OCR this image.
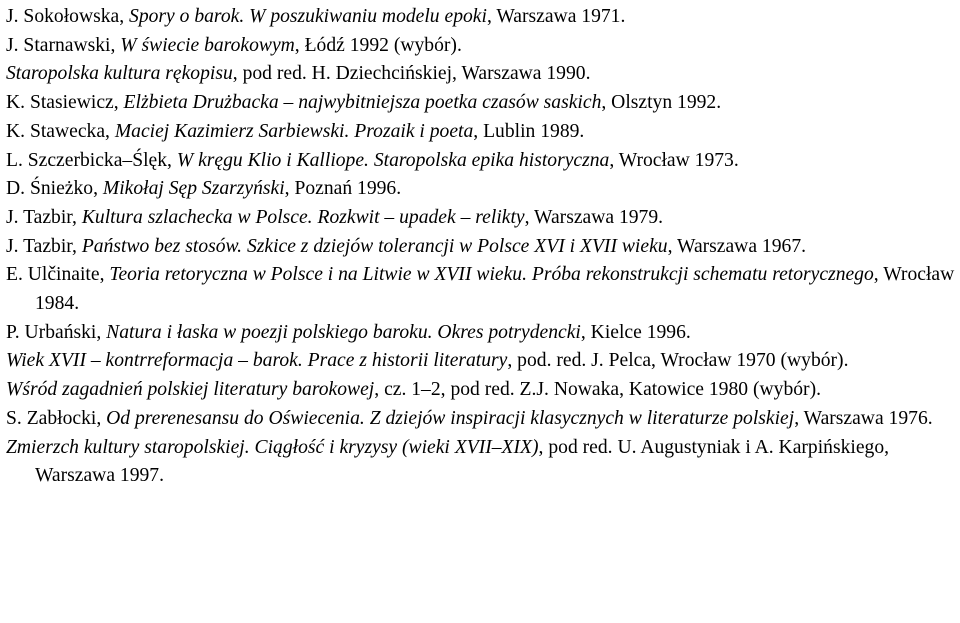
J. Sokołowska, Spory o barok. W poszukiwaniu modelu epoki, Warszawa 1971.

J. Starnawski, W świecie barokowym, Łódź 1992 (wybór).

Staropolska kultura rękopisu, pod red. H. Dziechcińskiej, Warszawa 1990.

K. Stasiewicz, Elżbieta Drużbacka – najwybitniejsza poetka czasów saskich, Olsztyn 1992.

K. Stawecka, Maciej Kazimierz Sarbiewski. Prozaik i poeta, Lublin 1989.

L. Szczerbicka–Ślęk, W kręgu Klio i Kalliope. Staropolska epika historyczna, Wrocław 1973.

D. Śnieżko, Mikołaj Sęp Szarzyński, Poznań 1996.

J. Tazbir, Kultura szlachecka w Polsce. Rozkwit – upadek – relikty, Warszawa 1979.

J. Tazbir, Państwo bez stosów. Szkice z dziejów tolerancji w Polsce XVI i XVII wieku, Warszawa 1967.

E. Ulčinaite, Teoria retoryczna w Polsce i na Litwie w XVII wieku. Próba rekonstrukcji schematu retorycznego, Wrocław 1984.

P. Urbański, Natura i łaska w poezji polskiego baroku. Okres potrydencki, Kielce 1996.

Wiek XVII – kontrreformacja – barok. Prace z historii literatury, pod. red. J. Pelca, Wrocław 1970 (wybór).

Wśród zagadnień polskiej literatury barokowej, cz. 1–2, pod red. Z.J. Nowaka, Katowice 1980 (wybór).

S. Zabłocki, Od prerenesansu do Oświecenia. Z dziejów inspiracji klasycznych w literaturze polskiej, Warszawa 1976.

Zmierzch kultury staropolskiej. Ciągłość i kryzysy (wieki XVII–XIX), pod red. U. Augustyniak i A. Karpińskiego, Warszawa 1997.
